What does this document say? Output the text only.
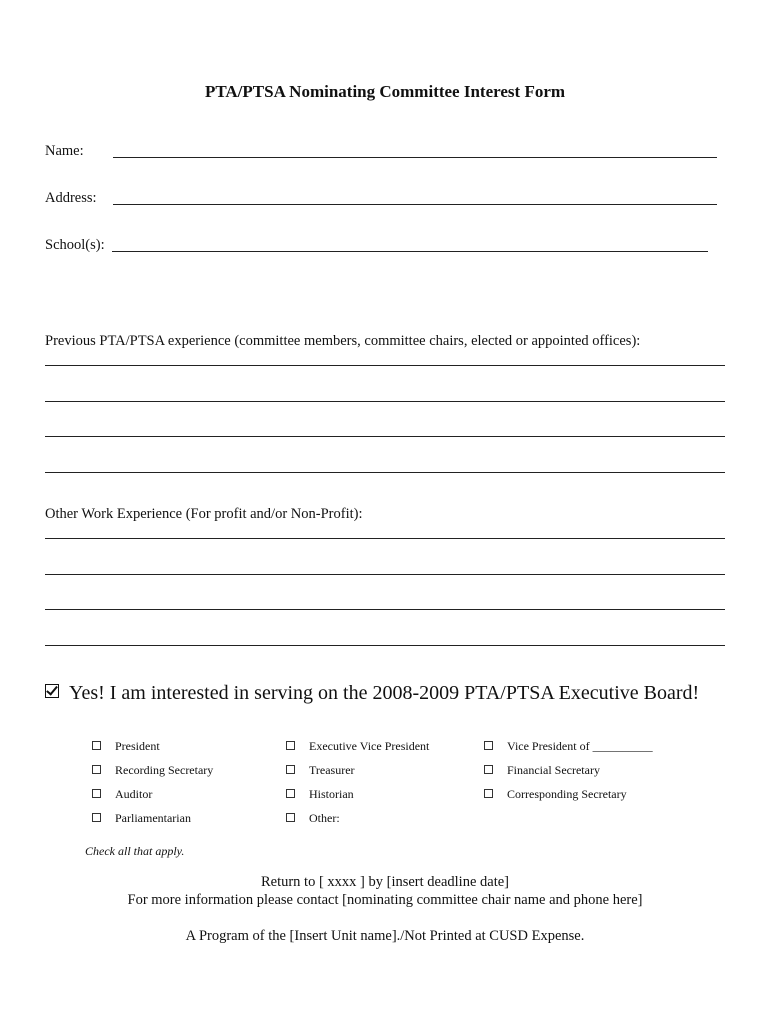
PTA/PTSA Nominating Committee Interest Form
Name:
Address:
School(s):
Previous PTA/PTSA experience (committee members, committee chairs, elected or appointed offices):
Other Work Experience (For profit and/or Non-Profit):
Yes! I am interested in serving on the 2008-2009 PTA/PTSA Executive Board!
President
Recording Secretary
Auditor
Parliamentarian
Executive Vice President
Treasurer
Historian
Other:
Vice President of __________
Financial Secretary
Corresponding Secretary
Check all that apply.
Return to [ xxxx ] by [insert deadline date]
For more information please contact [nominating committee chair name and phone here]
A Program of the [Insert Unit name]./Not Printed at CUSD Expense.
